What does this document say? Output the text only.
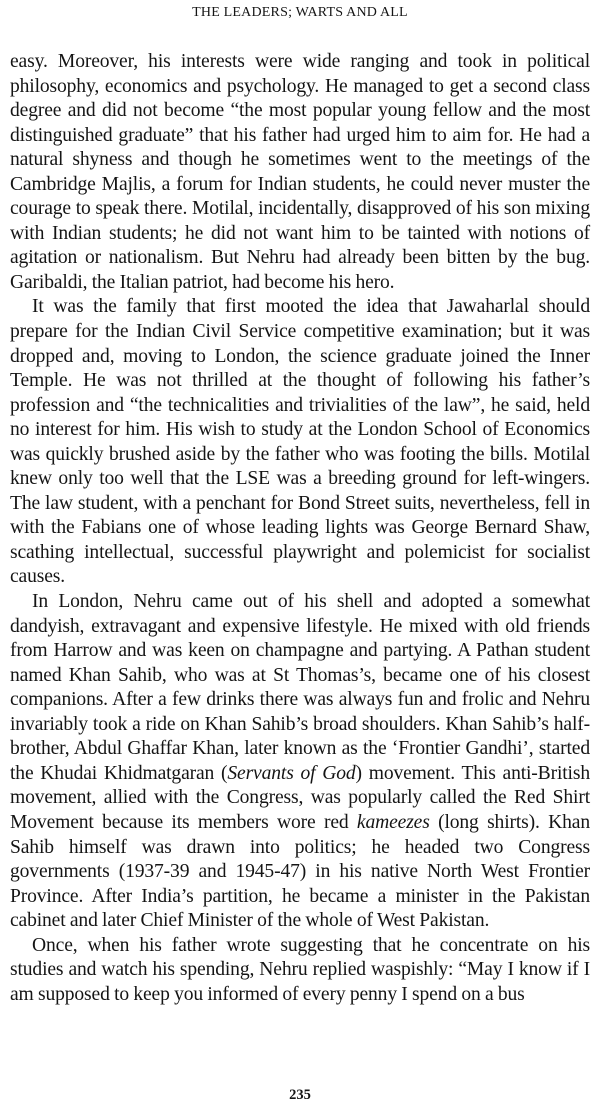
THE LEADERS; WARTS AND ALL

easy. Moreover, his interests were wide ranging and took in political philosophy, economics and psychology. He managed to get a second class degree and did not become “the most popular young fellow and the most distinguished graduate” that his father had urged him to aim for. He had a natural shyness and though he sometimes went to the meetings of the Cambridge Majlis, a forum for Indian students, he could never muster the courage to speak there. Motilal, incidentally, disapproved of his son mixing with Indian students; he did not want him to be tainted with notions of agitation or nationalism. But Nehru had already been bitten by the bug. Garibaldi, the Italian patriot, had become his hero.

It was the family that first mooted the idea that Jawaharlal should prepare for the Indian Civil Service competitive examination; but it was dropped and, moving to London, the science graduate joined the Inner Temple. He was not thrilled at the thought of following his father’s profession and “the technicalities and trivialities of the law”, he said, held no interest for him. His wish to study at the London School of Economics was quickly brushed aside by the father who was footing the bills. Motilal knew only too well that the LSE was a breeding ground for left-wingers. The law student, with a penchant for Bond Street suits, nevertheless, fell in with the Fabians one of whose leading lights was George Bernard Shaw, scathing intellectual, successful playwright and polemicist for socialist causes.

In London, Nehru came out of his shell and adopted a somewhat dandyish, extravagant and expensive lifestyle. He mixed with old friends from Harrow and was keen on champagne and partying. A Pathan student named Khan Sahib, who was at St Thomas’s, became one of his closest companions. After a few drinks there was always fun and frolic and Nehru invariably took a ride on Khan Sahib’s broad shoulders. Khan Sahib’s half-brother, Abdul Ghaffar Khan, later known as the ‘Frontier Gandhi’, started the Khudai Khidmatgaran (Servants of God) movement. This anti-British movement, allied with the Congress, was popularly called the Red Shirt Movement because its members wore red kameezes (long shirts). Khan Sahib himself was drawn into politics; he headed two Congress governments (1937-39 and 1945-47) in his native North West Frontier Province. After India’s partition, he became a minister in the Pakistan cabinet and later Chief Minister of the whole of West Pakistan.

Once, when his father wrote suggesting that he concentrate on his studies and watch his spending, Nehru replied waspishly: “May I know if I am supposed to keep you informed of every penny I spend on a bus

235
